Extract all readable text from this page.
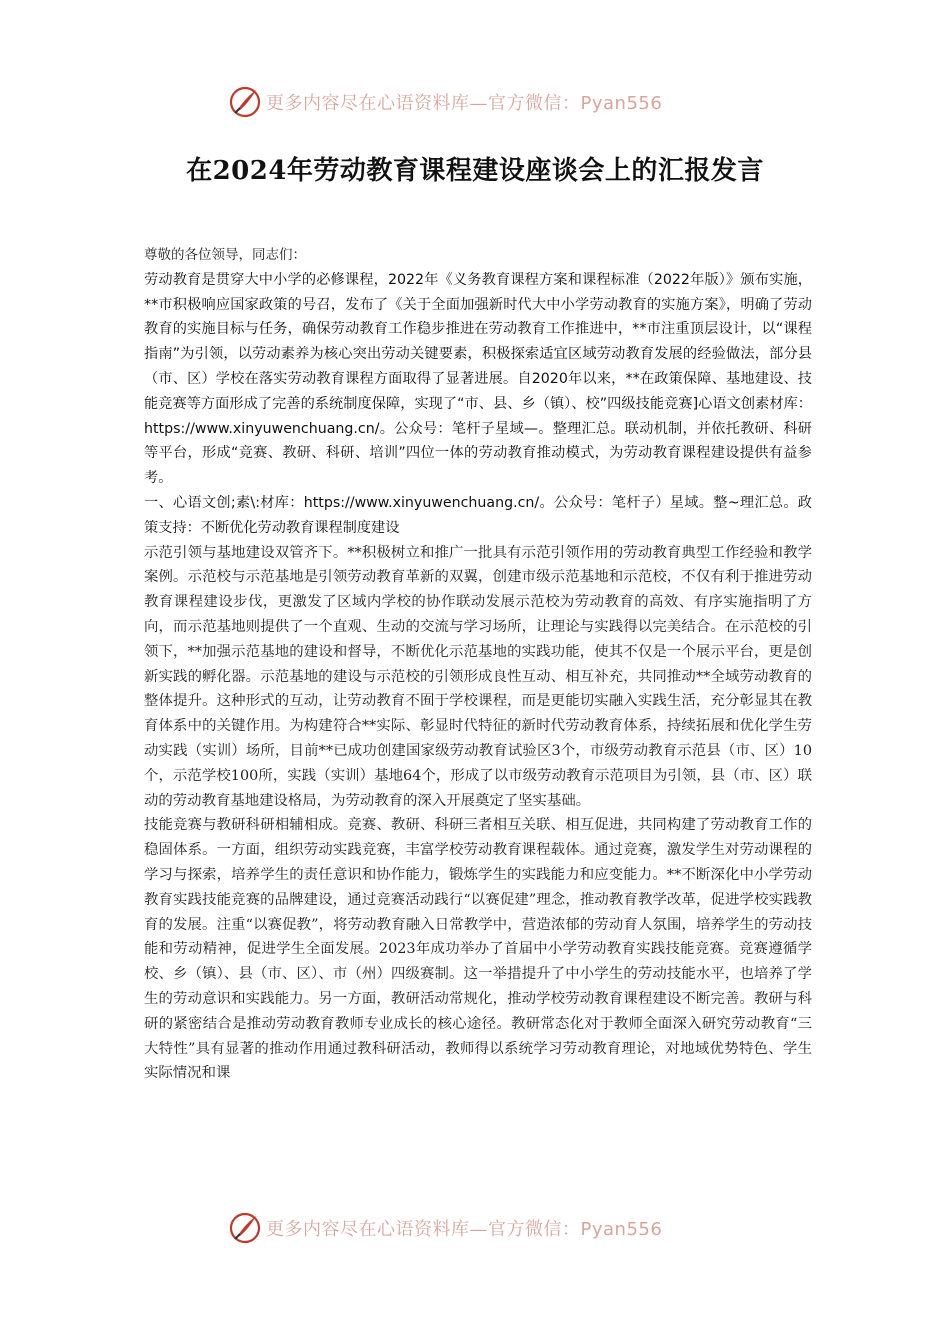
更多内容尽在心语资料库—官方微信：Pyan556
在2024年劳动教育课程建设座谈会上的汇报发言

尊敬的各位领导，同志们：

劳动教育是贯穿大中小学的必修课程，2022年《义务教育课程方案和课程标准（2022年版）》颁布实施，**市积极响应国家政策的号召，发布了《关于全面加强新时代大中小学劳动教育的实施方案》，明确了劳动教育的实施目标与任务，确保劳动教育工作稳步推进在劳动教育工作推进中，**市注重顶层设计，以“课程指南”为引领，以劳动素养为核心突出劳动关键要素，积极探索适宜区域劳动教育发展的经验做法，部分县（市、区）学校在落实劳动教育课程方面取得了显著进展。自2020年以来，**在政策保障、基地建设、技能竞赛等方面形成了完善的系统制度保障，实现了“市、县、乡（镇）、校”四级技能竞赛]心语文创素材库：https://www.xinyuwenchuang.cn/。公众号：笔杆子星域—。整理汇总。联动机制，并依托教研、科研等平台，形成“竞赛、教研、科研、培训”四位一体的劳动教育推动模式，为劳动教育课程建设提供有益参考。

一、心语文创;素\:材库：https://www.xinyuwenchuang.cn/。公众号：笔杆子）星域。整~理汇总。政策支持：不断优化劳动教育课程制度建设

示范引领与基地建设双管齐下。**积极树立和推广一批具有示范引领作用的劳动教育典型工作经验和教学案例。示范校与示范基地是引领劳动教育革新的双翼，创建市级示范基地和示范校，不仅有利于推进劳动教育课程建设步伐，更激发了区域内学校的协作联动发展示范校为劳动教育的高效、有序实施指明了方向，而示范基地则提供了一个直观、生动的交流与学习场所，让理论与实践得以完美结合。在示范校的引领下，**加强示范基地的建设和督导，不断优化示范基地的实践功能，使其不仅是一个展示平台，更是创新实践的孵化器。示范基地的建设与示范校的引领形成良性互动、相互补充，共同推动**全域劳动教育的整体提升。这种形式的互动，让劳动教育不囿于学校课程，而是更能切实融入实践生活，充分彰显其在教育体系中的关键作用。为构建符合**实际、彰显时代特征的新时代劳动教育体系，持续拓展和优化学生劳动实践（实训）场所，目前**已成功创建国家级劳动教育试验区3个，市级劳动教育示范县（市、区）10个，示范学校100所，实践（实训）基地64个，形成了以市级劳动教育示范项目为引领，县（市、区）联动的劳动教育基地建设格局，为劳动教育的深入开展奠定了坚实基础。

技能竞赛与教研科研相辅相成。竞赛、教研、科研三者相互关联、相互促进，共同构建了劳动教育工作的稳固体系。一方面，组织劳动实践竞赛，丰富学校劳动教育课程载体。通过竞赛，激发学生对劳动课程的学习与探索，培养学生的责任意识和协作能力，锻炼学生的实践能力和应变能力。**不断深化中小学劳动教育实践技能竞赛的品牌建设，通过竞赛活动践行“以赛促建”理念，推动教育教学改革，促进学校实践教育的发展。注重“以赛促教”，将劳动教育融入日常教学中，营造浓郁的劳动育人氛围，培养学生的劳动技能和劳动精神，促进学生全面发展。2023年成功举办了首届中小学劳动教育实践技能竞赛。竞赛遵循学校、乡（镇）、县（市、区）、市（州）四级赛制。这一举措提升了中小学生的劳动技能水平，也培养了学生的劳动意识和实践能力。另一方面，教研活动常规化，推动学校劳动教育课程建设不断完善。教研与科研的紧密结合是推动劳动教育教师专业成长的核心途径。教研常态化对于教师全面深入研究劳动教育“三大特性”具有显著的推动作用通过教科研活动，教师得以系统学习劳动教育理论，对地域优势特色、学生实际情况和课

更多内容尽在心语资料库—官方微信：Pyan556
